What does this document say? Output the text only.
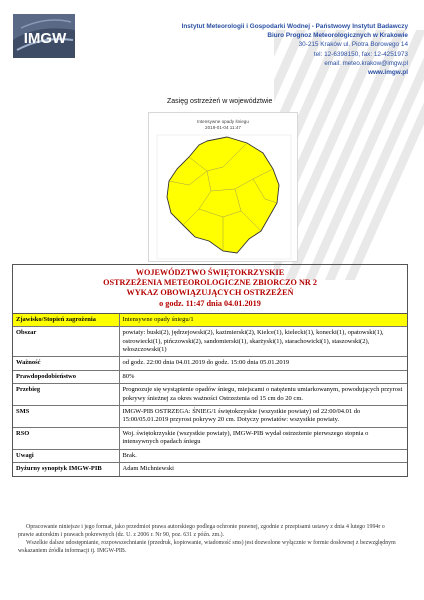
IMGW
Instytut Meteorologii i Gospodarki Wodnej - Państwowy Instytut Badawczy
Biuro Prognoz Meteorologicznych w Krakowie
30-215 Kraków ul. Piotra Borowego 14
tel: 12-6398150, fax: 12-4251973
email: meteo.krakow@imgw.pl
www.imgw.pl
Zasięg ostrzeżeń w województwie
Intensywne opady śniegu
2019-01-04 11:47
WOJEWÓDZTWO ŚWIĘTOKRZYSKIE
OSTRZEŻENIA METEOROLOGICZNE ZBIORCZO NR 2
WYKAZ OBOWIĄZUJĄCYCH OSTRZEŻEŃ
o godz. 11:47 dnia 04.01.2019
Zjawisko/Stopień zagrożenia	Intensywne opady śniegu/1
Obszar	powiaty: buski(2), jędrzejowski(2), kazimierski(2), Kielce(1), kielecki(1), konecki(1), opatowski(1), ostrowiecki(1), pińczowski(2), sandomierski(1), skarżyski(1), starachowicki(1), staszowski(2), włoszczowski(1)
Ważność	od godz. 22:00 dnia 04.01.2019 do godz. 15:00 dnia 05.01.2019
Prawdopodobieństwo	80%
Przebieg	Prognozuje się wystąpienie opadów śniegu, miejscami o natężeniu umiarkowanym, powodujących przyrost pokrywy śnieżnej za okres ważności Ostrzeżenia od 15 cm do 20 cm.
SMS	IMGW-PIB OSTRZEGA: ŚNIEG/1 świętokrzyskie (wszystkie powiaty) od 22:00/04.01 do 15:00/05.01.2019 przyrost pokrywy 20 cm. Dotyczy powiatów: wszystkie powiaty.
RSO	Woj. świętokrzyskie (wszystkie powiaty), IMGW-PIB wydał ostrzeżenie pierwszego stopnia o intensywnych opadach śniegu
Uwagi	Brak.
Dyżurny synoptyk IMGW-PIB	Adam Michniewski

Opracowanie niniejsze i jego format, jako przedmiot prawa autorskiego podlega ochronie prawnej, zgodnie z przepisami ustawy z dnia 4 lutego 1994r o prawie autorskim i prawach pokrewnych (dz. U. z 2006 r. Nr 90, poz. 631 z późn. zm.).

Wszelkie dalsze udostępnianie, rozpowszechnianie (przedruk, kopiowanie, wiadomość sms) jest dozwolone wyłącznie w formie dosłownej z bezwzględnym wskazaniem źródła informacji tj. IMGW-PIB.
